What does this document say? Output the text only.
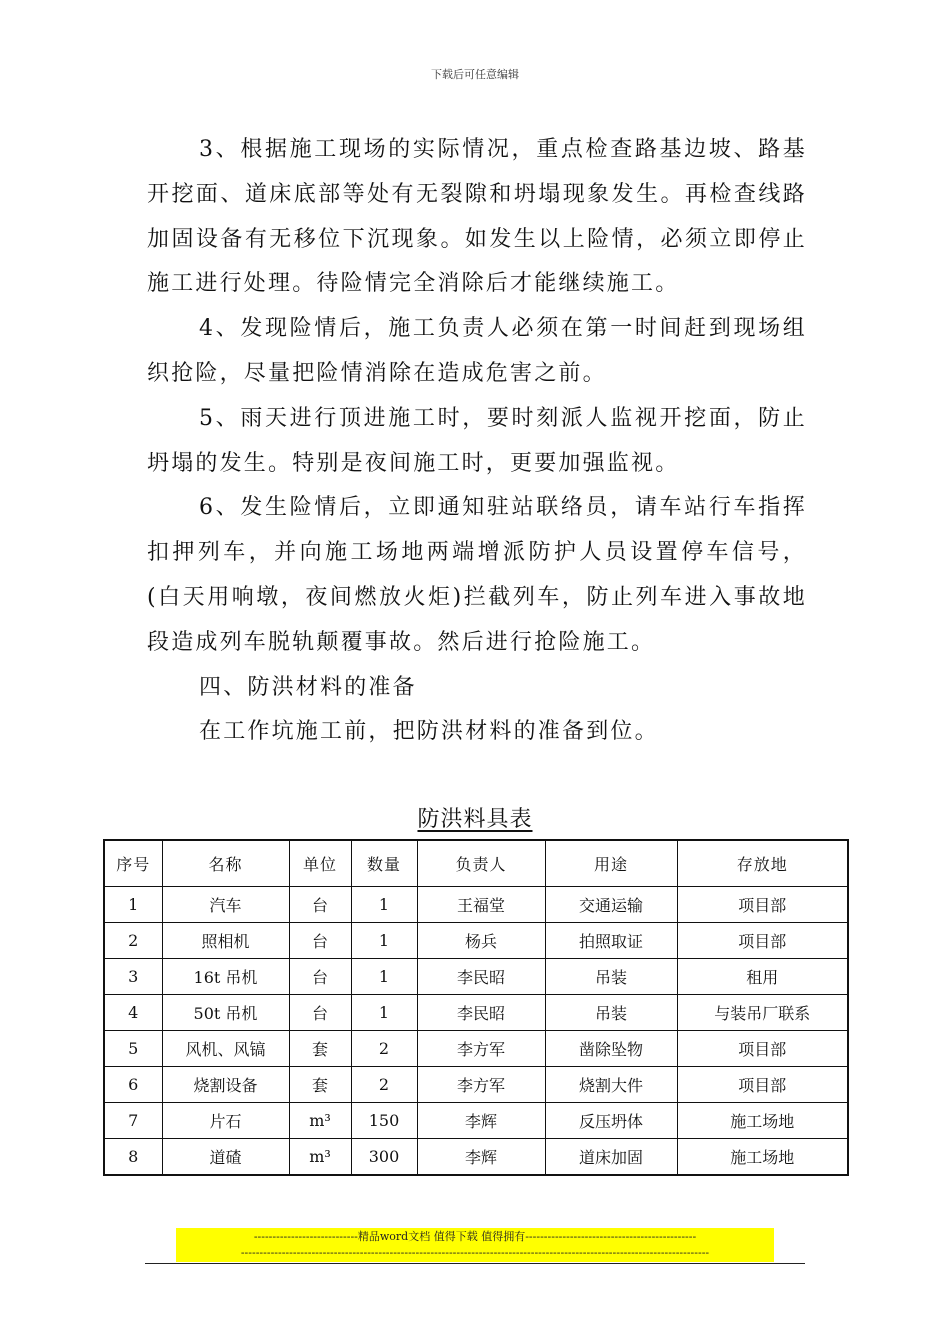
下载后可任意编辑

3、根据施工现场的实际情况，重点检查路基边坡、路基开挖面、道床底部等处有无裂隙和坍塌现象发生。再检查线路加固设备有无移位下沉现象。如发生以上险情，必须立即停止施工进行处理。待险情完全消除后才能继续施工。

4、发现险情后，施工负责人必须在第一时间赶到现场组织抢险，尽量把险情消除在造成危害之前。

5、雨天进行顶进施工时，要时刻派人监视开挖面，防止坍塌的发生。特别是夜间施工时，更要加强监视。

6、发生险情后，立即通知驻站联络员，请车站行车指挥扣押列车，并向施工场地两端增派防护人员设置停车信号，(白天用响墩，夜间燃放火炬)拦截列车，防止列车进入事故地段造成列车脱轨颠覆事故。然后进行抢险施工。

四、防洪材料的准备

在工作坑施工前，把防洪材料的准备到位。

防洪料具表
序号	名称	单位	数量	负责人	用途	存放地
1	汽车	台	1	王福堂	交通运输	项目部
2	照相机	台	1	杨兵	拍照取证	项目部
3	16t 吊机	台	1	李民昭	吊装	租用
4	50t 吊机	台	1	李民昭	吊装	与装吊厂联系
5	风机、风镐	套	2	李方军	凿除坠物	项目部
6	烧割设备	套	2	李方军	烧割大件	项目部
7	片石	m³	150	李辉	反压坍体	施工场地
8	道碴	m³	300	李辉	道床加固	施工场地
----------------------------精品word文档 值得下载 值得拥有----------------------------------------------
------------------------------------------------------------------------------------------------------------------------------
